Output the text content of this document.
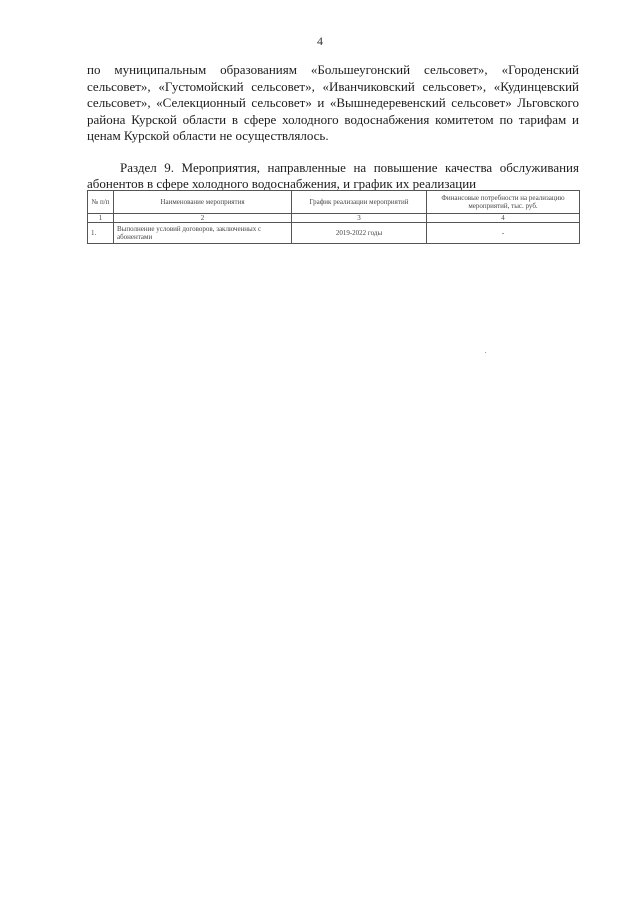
4

по муниципальным образованиям «Большеугонский сельсовет», «Городенский сельсовет», «Густомойский сельсовет», «Иванчиковский сельсовет», «Кудинцевский сельсовет», «Селекционный сельсовет» и «Вышнедеревенский сельсовет» Льговского района Курской области в сфере холодного водоснабжения комитетом по тарифам и ценам Курской области не осуществлялось.

Раздел 9. Мероприятия, направленные на повышение качества обслуживания абонентов в сфере холодного водоснабжения, и график их реализации

№ п/п	Наименование мероприятия	График реализации мероприятий	Финансовые потребности на реализацию мероприятий, тыс. руб.
1	2	3	4
1.	Выполнение условий договоров, заключенных с абонентами	2019-2022 годы	-
